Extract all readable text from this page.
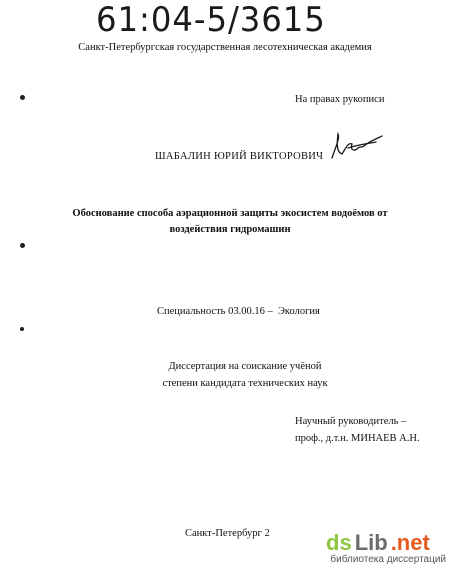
61:04-5/3615
Санкт-Петербургская государственная лесотехническая академия
На правах рукописи
ШАБАЛИН ЮРИЙ ВИКТОРОВИЧ
Обоснование способа аэрационной защиты экосистем водоёмов от
воздействия гидромашин
Специальность 03.00.16 –  Экология
Диссертация на соискание учёной
степени кандидата технических наук
Научный руководитель –
проф., д.т.н. МИНАЕВ А.Н.
Санкт-Петербург 2	ds Lib .net
библиотека диссертаций
